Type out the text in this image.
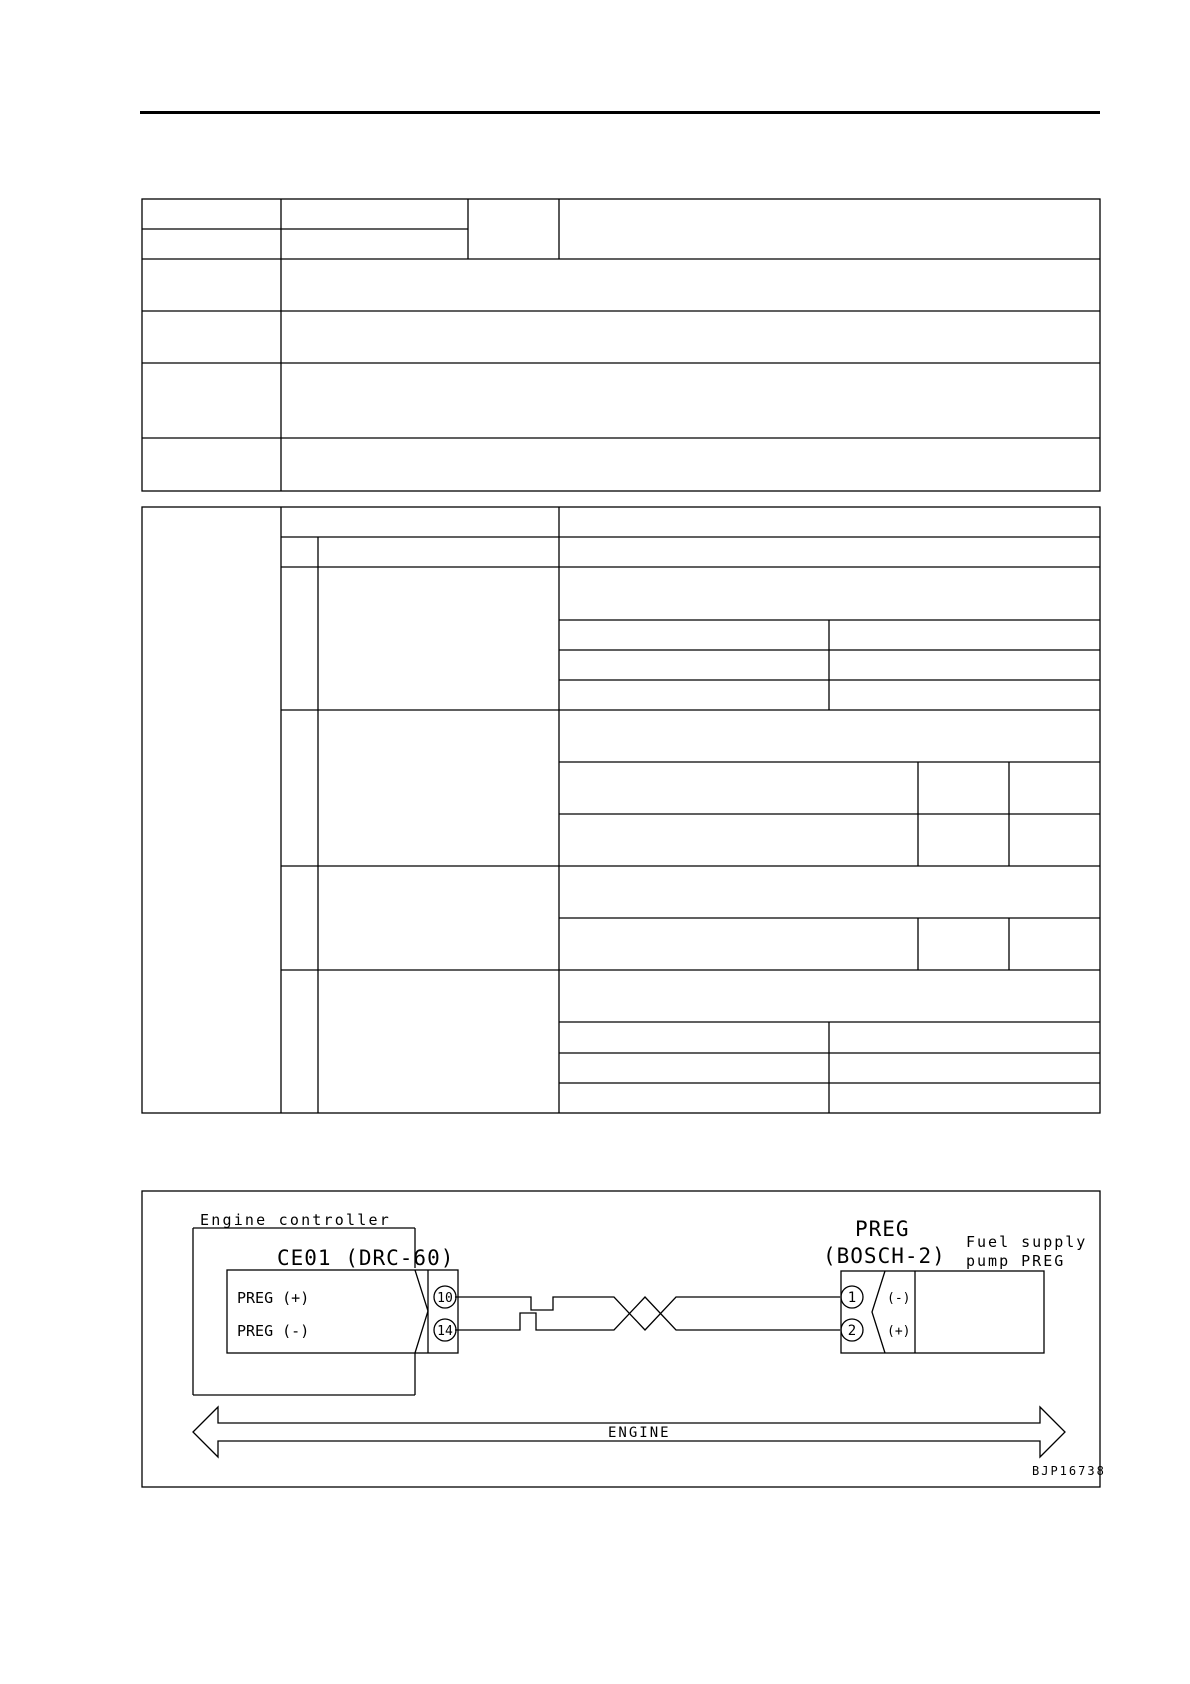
Engine controller
CE01 (DRC-60)
PREG (+)
PREG (-)
10
14
1
2
(-)
(+)
PREG
(BOSCH-2)
Fuel supply
pump PREG
ENGINE
BJP16738
